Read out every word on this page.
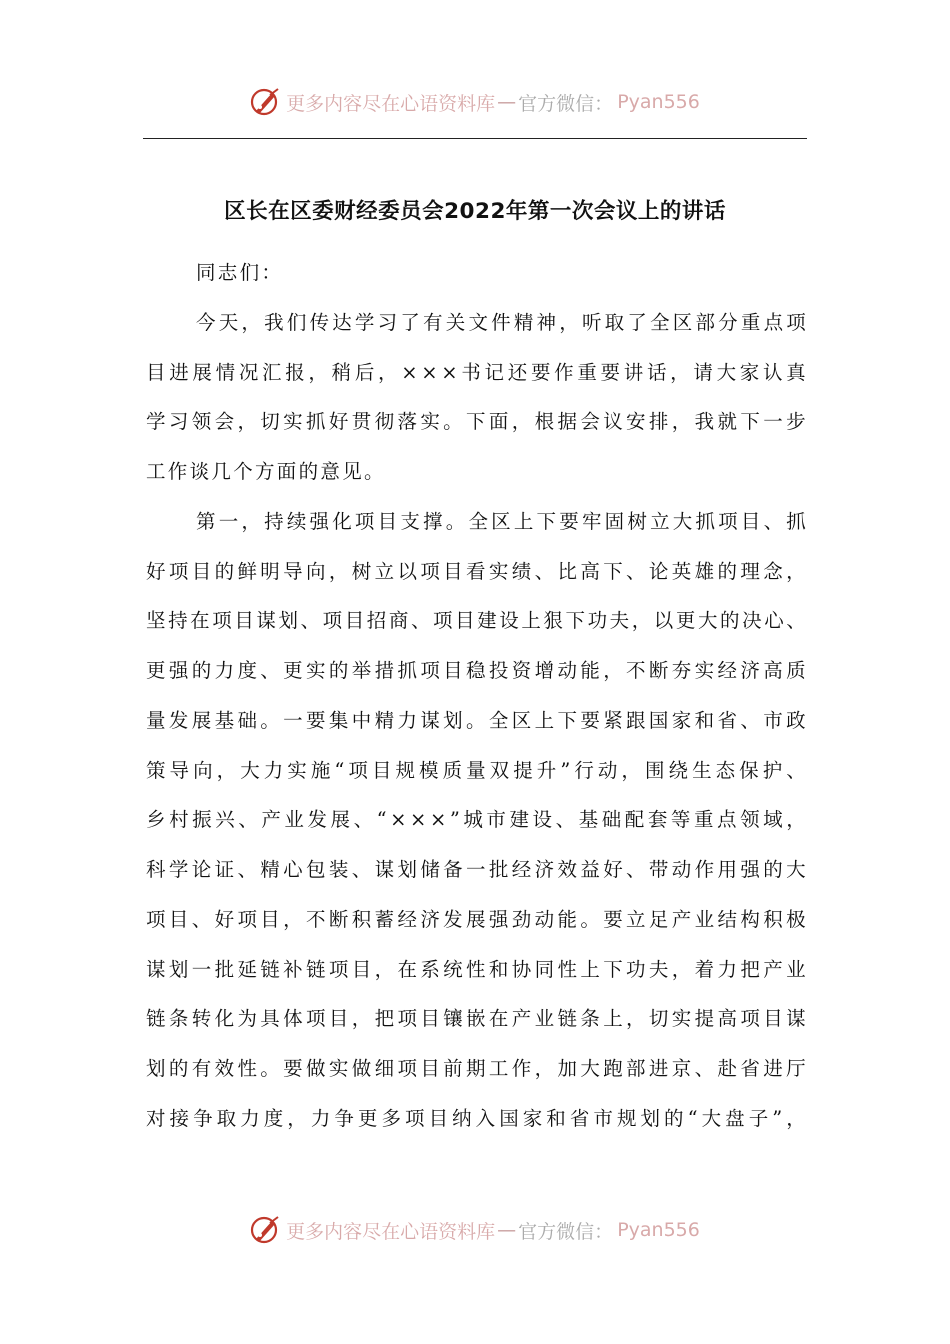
更多内容尽在心语资料库 — 官方微信： Pyan556
区长在区委财经委员会2022年第一次会议上的讲话
同志们：
今 天 ， 我 们 传 达 学 习 了 有 关 文 件 精 神 ， 听 取 了 全 区 部 分 重 点 项
目 进 展 情 况 汇 报 ， 稍 后 ， × × × 书 记 还 要 作 重 要 讲 话 ， 请 大 家 认 真
学 习 领 会 ， 切 实 抓 好 贯 彻 落 实 。 下 面 ， 根 据 会 议 安 排 ， 我 就 下 一 步
工作谈几个方面的意见。
第 一 ， 持 续 强 化 项 目 支 撑 。 全 区 上 下 要 牢 固 树 立 大 抓 项 目 、 抓
好 项 目 的 鲜 明 导 向 ， 树 立 以 项 目 看 实 绩 、 比 高 下 、 论 英 雄 的 理 念 ，
坚 持 在 项 目 谋 划 、 项 目 招 商 、 项 目 建 设 上 狠 下 功 夫 ， 以 更 大 的 决 心 、
更 强 的 力 度 、 更 实 的 举 措 抓 项 目 稳 投 资 增 动 能 ， 不 断 夯 实 经 济 高 质
量 发 展 基 础 。 一 要 集 中 精 力 谋 划 。 全 区 上 下 要 紧 跟 国 家 和 省 、 市 政
策 导 向 ， 大 力 实 施 “ 项 目 规 模 质 量 双 提 升 ” 行 动 ， 围 绕 生 态 保 护 、
乡 村 振 兴 、 产 业 发 展 、 “ × × × ” 城 市 建 设 、 基 础 配 套 等 重 点 领 域 ，
科 学 论 证 、 精 心 包 装 、 谋 划 储 备 一 批 经 济 效 益 好 、 带 动 作 用 强 的 大
项 目 、 好 项 目 ， 不 断 积 蓄 经 济 发 展 强 劲 动 能 。 要 立 足 产 业 结 构 积 极
谋 划 一 批 延 链 补 链 项 目 ， 在 系 统 性 和 协 同 性 上 下 功 夫 ， 着 力 把 产 业
链 条 转 化 为 具 体 项 目 ， 把 项 目 镶 嵌 在 产 业 链 条 上 ， 切 实 提 高 项 目 谋
划 的 有 效 性 。 要 做 实 做 细 项 目 前 期 工 作 ， 加 大 跑 部 进 京 、 赴 省 进 厅
对 接 争 取 力 度 ， 力 争 更 多 项 目 纳 入 国 家 和 省 市 规 划 的 “ 大 盘 子 ” ，
更多内容尽在心语资料库 — 官方微信： Pyan556
